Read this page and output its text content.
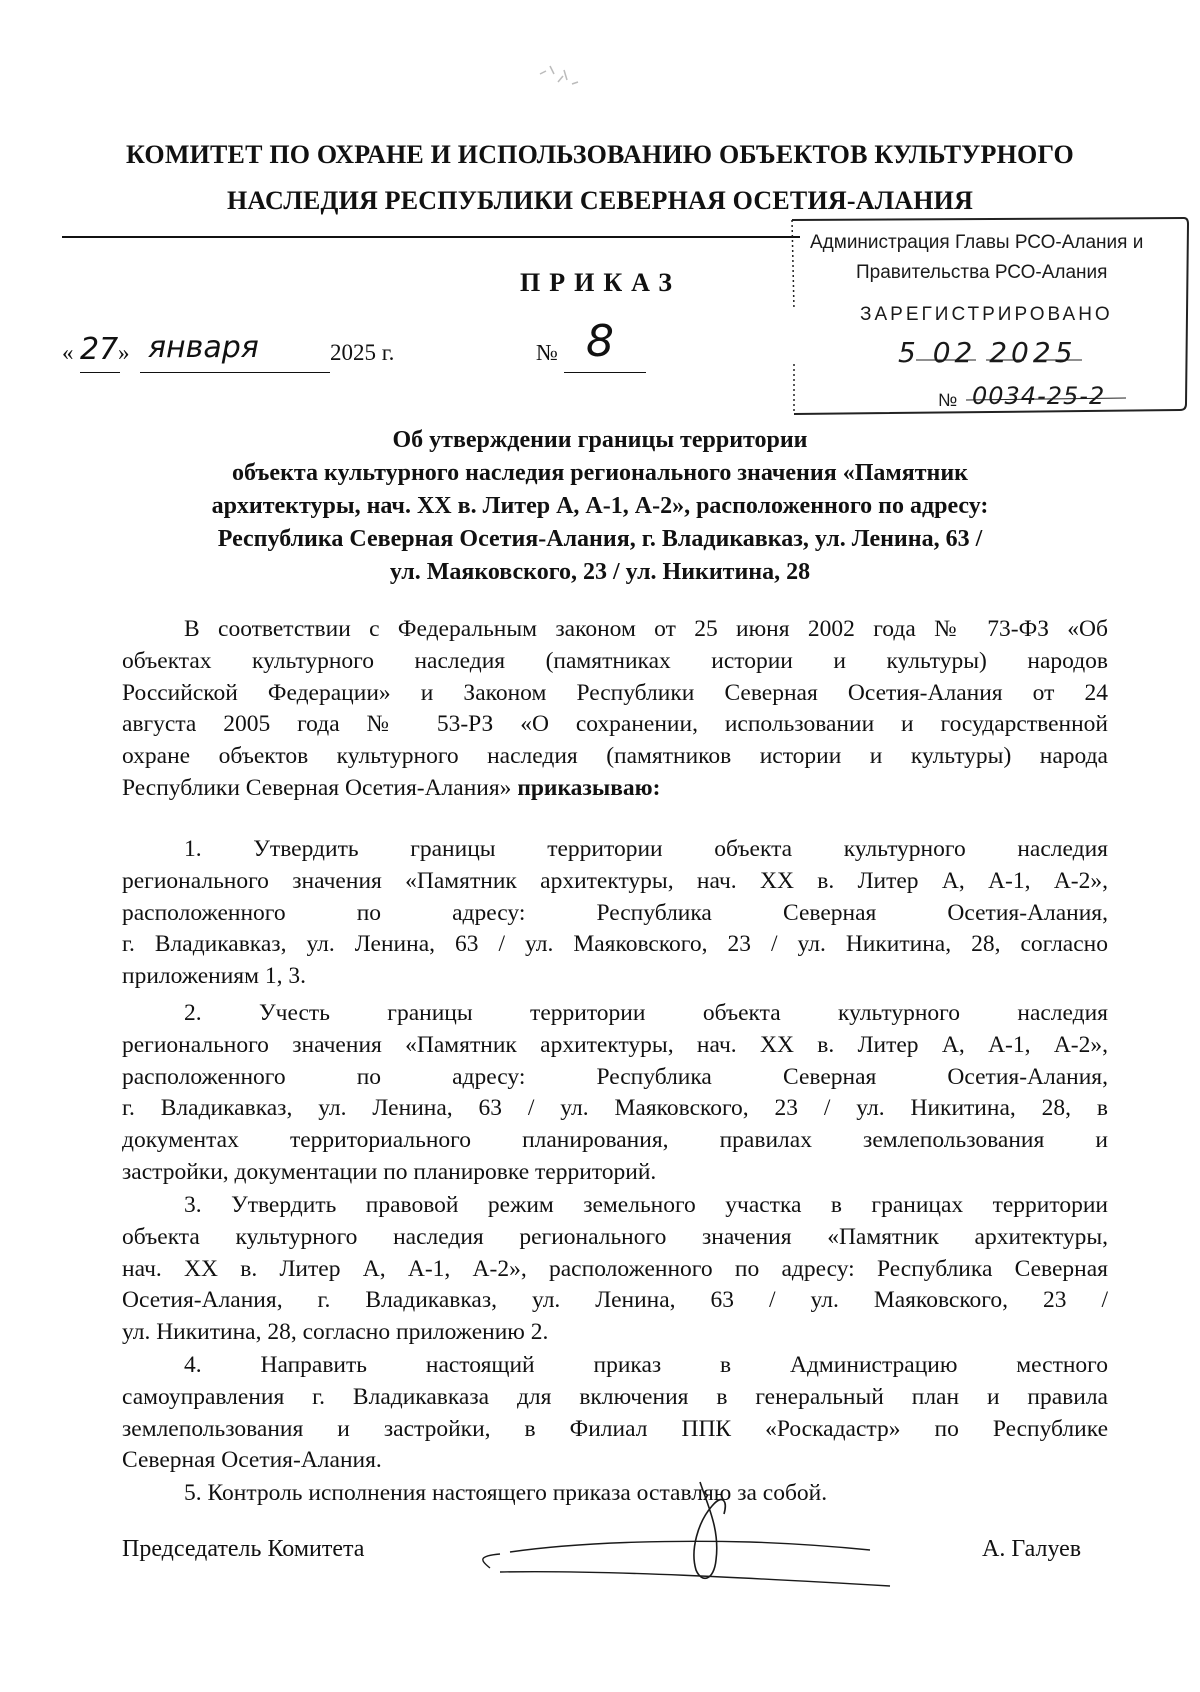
КОМИТЕТ ПО ОХРАНЕ И ИСПОЛЬЗОВАНИЮ ОБЪЕКТОВ КУЛЬТУРНОГО
НАСЛЕДИЯ РЕСПУБЛИКИ СЕВЕРНАЯ ОСЕТИЯ-АЛАНИЯ
ПРИКАЗ
Администрация Главы РСО-Алания и
Правительства РСО-Алания
ЗАРЕГИСТРИРОВАНО
5 02 2025
№ 0034-25-2
« 27 » января	2025 г.	№ 8
Об утверждении границы территории
объекта культурного наследия регионального значения «Памятник
архитектуры, нач. XX в. Литер А, А-1, А-2», расположенного по адресу:
Республика Северная Осетия-Алания, г. Владикавказ, ул. Ленина, 63 /
ул. Маяковского, 23 / ул. Никитина, 28
В соответствии с Федеральным законом от 25 июня 2002 года № 73-ФЗ «Об
объектах культурного наследия (памятниках истории и культуры) народов
Российской Федерации» и Законом Республики Северная Осетия-Алания от 24
августа 2005 года № 53-РЗ «О сохранении, использовании и государственной
охране объектов культурного наследия (памятников истории и культуры) народа
Республики Северная Осетия-Алания» приказываю:
1. Утвердить границы территории объекта культурного наследия
регионального значения «Памятник архитектуры, нач. XX в. Литер А, А-1, А-2»,
расположенного по адресу: Республика Северная Осетия-Алания,
г. Владикавказ, ул. Ленина, 63 / ул. Маяковского, 23 / ул. Никитина, 28, согласно
приложениям 1, 3.
2. Учесть границы территории объекта культурного наследия
регионального значения «Памятник архитектуры, нач. XX в. Литер А, А-1, А-2»,
расположенного по адресу: Республика Северная Осетия-Алания,
г. Владикавказ, ул. Ленина, 63 / ул. Маяковского, 23 / ул. Никитина, 28, в
документах территориального планирования, правилах землепользования и
застройки, документации по планировке территорий.
3. Утвердить правовой режим земельного участка в границах территории
объекта культурного наследия регионального значения «Памятник архитектуры,
нач. XX в. Литер А, А-1, А-2», расположенного по адресу: Республика Северная
Осетия-Алания, г. Владикавказ, ул. Ленина, 63 / ул. Маяковского, 23 /
ул. Никитина, 28, согласно приложению 2.
4. Направить настоящий приказ в Администрацию местного
самоуправления г. Владикавказа для включения в генеральный план и правила
землепользования и застройки, в Филиал ППК «Роскадастр» по Республике
Северная Осетия-Алания.
5. Контроль исполнения настоящего приказа оставляю за собой.
Председатель Комитета	А. Галуев
